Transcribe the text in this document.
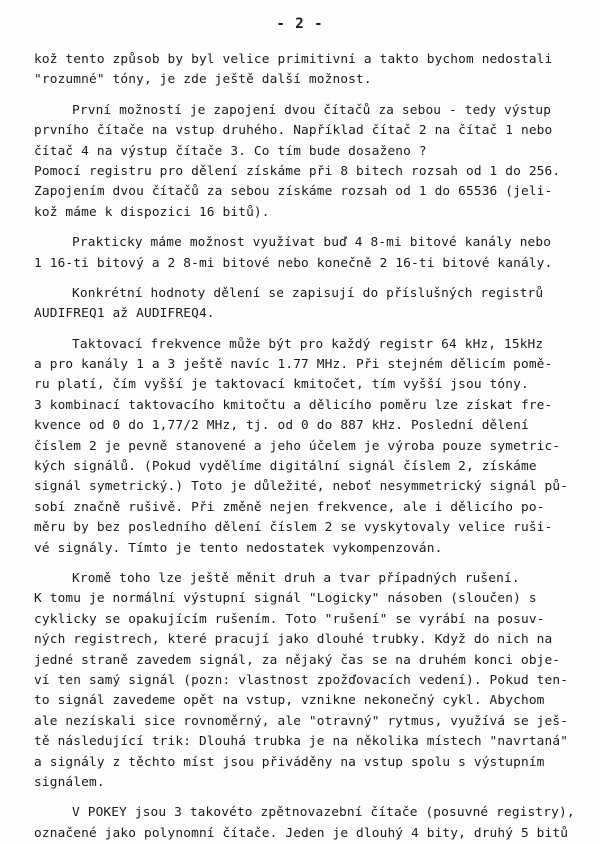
- 2 -
kož tento způsob by byl velice primitivní a takto bychom nedostali
"rozumné" tóny, je zde ještě další možnost.
První možností je zapojení dvou čítačů za sebou - tedy výstup
prvního čítače na vstup druhého. Například čítač 2 na čítač 1 nebo
čítač 4 na výstup čítače 3. Co tím bude dosaženo ?
Pomocí registru pro dělení získáme při 8 bitech rozsah od 1 do 256.
Zapojením dvou čítačů za sebou získáme rozsah od 1 do 65536 (jeli-
kož máme k dispozici 16 bitů).
Prakticky máme možnost využívat buď 4 8-mi bitové kanály nebo
1 16-ti bitový a 2 8-mi bitové nebo konečně 2 16-ti bitové kanály.
Konkrétní hodnoty dělení se zapisují do příslušných registrů
AUDIFREQ1 až AUDIFREQ4.
Taktovací frekvence může být pro každý registr 64 kHz, 15kHz
a pro kanály 1 a 3 ještě navíc 1.77 MHz. Při stejném dělicím pomě-
ru platí, čím vyšší je taktovací kmitočet, tím vyšší jsou tóny.
3 kombinací taktovacího kmitočtu a dělicího poměru lze získat fre-
kvence od 0 do 1,77/2 MHz, tj. od 0 do 887 kHz. Poslední dělení
číslem 2 je pevně stanovené a jeho účelem je výroba pouze symetric-
kých signálů. (Pokud vydělíme digitální signál číslem 2, získáme
signál symetrický.) Toto je důležité, neboť nesymmetrický signál pů-
sobí značně rušivě. Při změně nejen frekvence, ale i dělicího po-
měru by bez posledního dělení číslem 2 se vyskytovaly velice ruši-
vé signály. Tímto je tento nedostatek vykompenzován.
Kromě toho lze ještě měnit druh a tvar případných rušení.
K tomu je normální výstupní signál "Logicky" násoben (sloučen) s
cyklicky se opakujícím rušením. Toto "rušení" se vyrábí na posuv-
ných registrech, které pracují jako dlouhé trubky. Když do nich na
jedné straně zavedem signál, za nějaký čas se na druhém konci obje-
ví ten samý signál (pozn: vlastnost zpožďovacích vedení). Pokud ten-
to signál zavedeme opět na vstup, vznikne nekonečný cykl. Abychom
ale nezískali sice rovnoměrný, ale "otravný" rytmus, využívá se ješ-
tě následující trik: Dlouhá trubka je na několika místech "navrtaná"
a signály z těchto míst jsou přiváděny na vstup spolu s výstupním
signálem.
V POKEY jsou 3 takovéto zpětnovazební čítače (posuvné registry),
označené jako polynomní čítače. Jeden je dlouhý 4 bity, druhý 5 bitů
